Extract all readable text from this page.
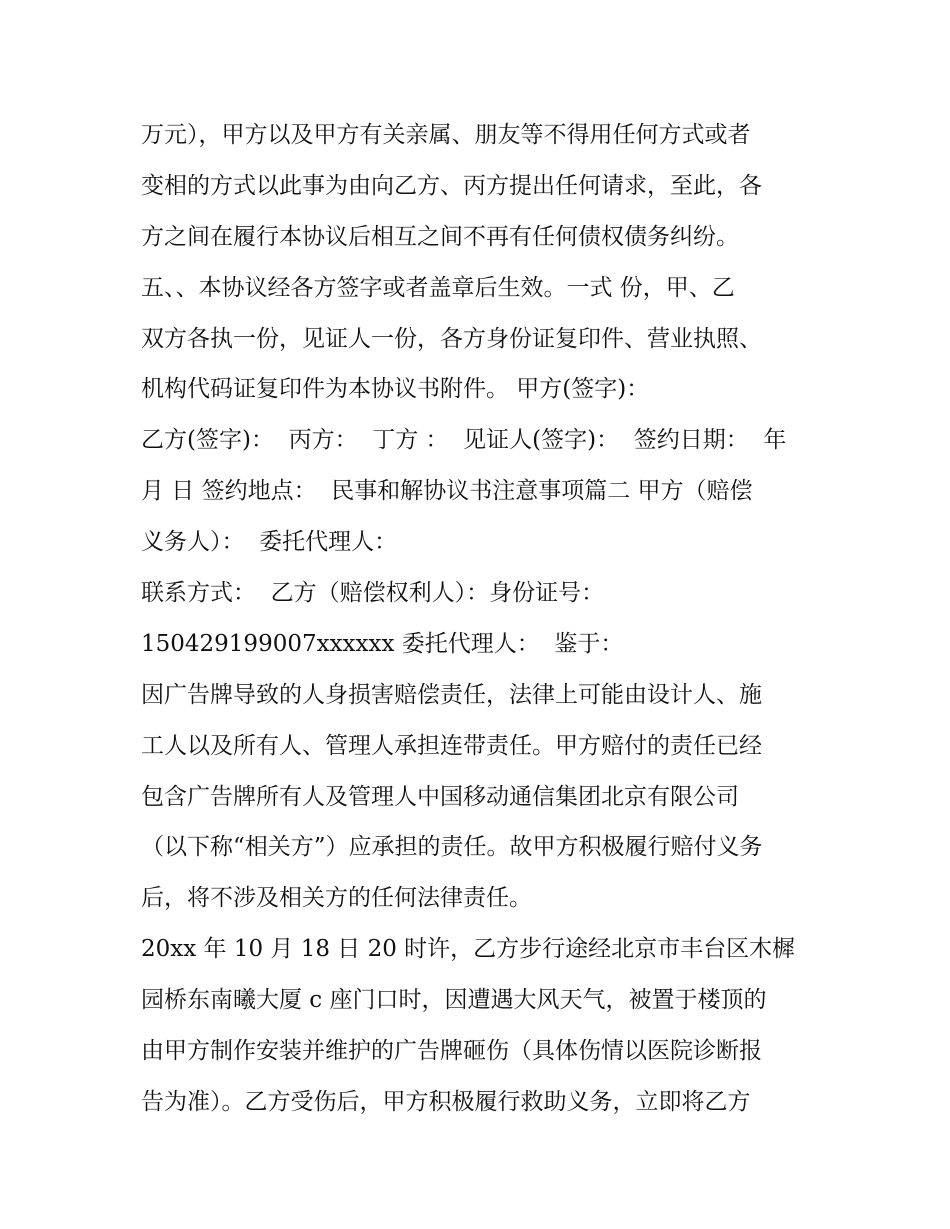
万元），甲方以及甲方有关亲属、朋友等不得用任何方式或者
变相的方式以此事为由向乙方、丙方提出任何请求，至此，各
方之间在履行本协议后相互之间不再有任何债权债务纠纷。
五、、本协议经各方签字或者盖章后生效。一式 份，甲、乙
双方各执一份，见证人一份，各方身份证复印件、营业执照、
机构代码证复印件为本协议书附件。 甲方(签字)：
乙方(签字)：  丙方：  丁方 ：  见证人(签字)：  签约日期：  年
月 日 签约地点：  民事和解协议书注意事项篇二 甲方（赔偿
义务人）：  委托代理人：
联系方式：  乙方（赔偿权利人）：身份证号：
150429199007xxxxxx 委托代理人：  鉴于：
因广告牌导致的人身损害赔偿责任，法律上可能由设计人、施
工人以及所有人、管理人承担连带责任。甲方赔付的责任已经
包含广告牌所有人及管理人中国移动通信集团北京有限公司
（以下称“相关方”）应承担的责任。故甲方积极履行赔付义务
后，将不涉及相关方的任何法律责任。
20xx 年 10 月 18 日 20 时许，乙方步行途经北京市丰台区木樨
园桥东南曦大厦 c 座门口时，因遭遇大风天气，被置于楼顶的
由甲方制作安装并维护的广告牌砸伤（具体伤情以医院诊断报
告为准）。乙方受伤后，甲方积极履行救助义务，立即将乙方
